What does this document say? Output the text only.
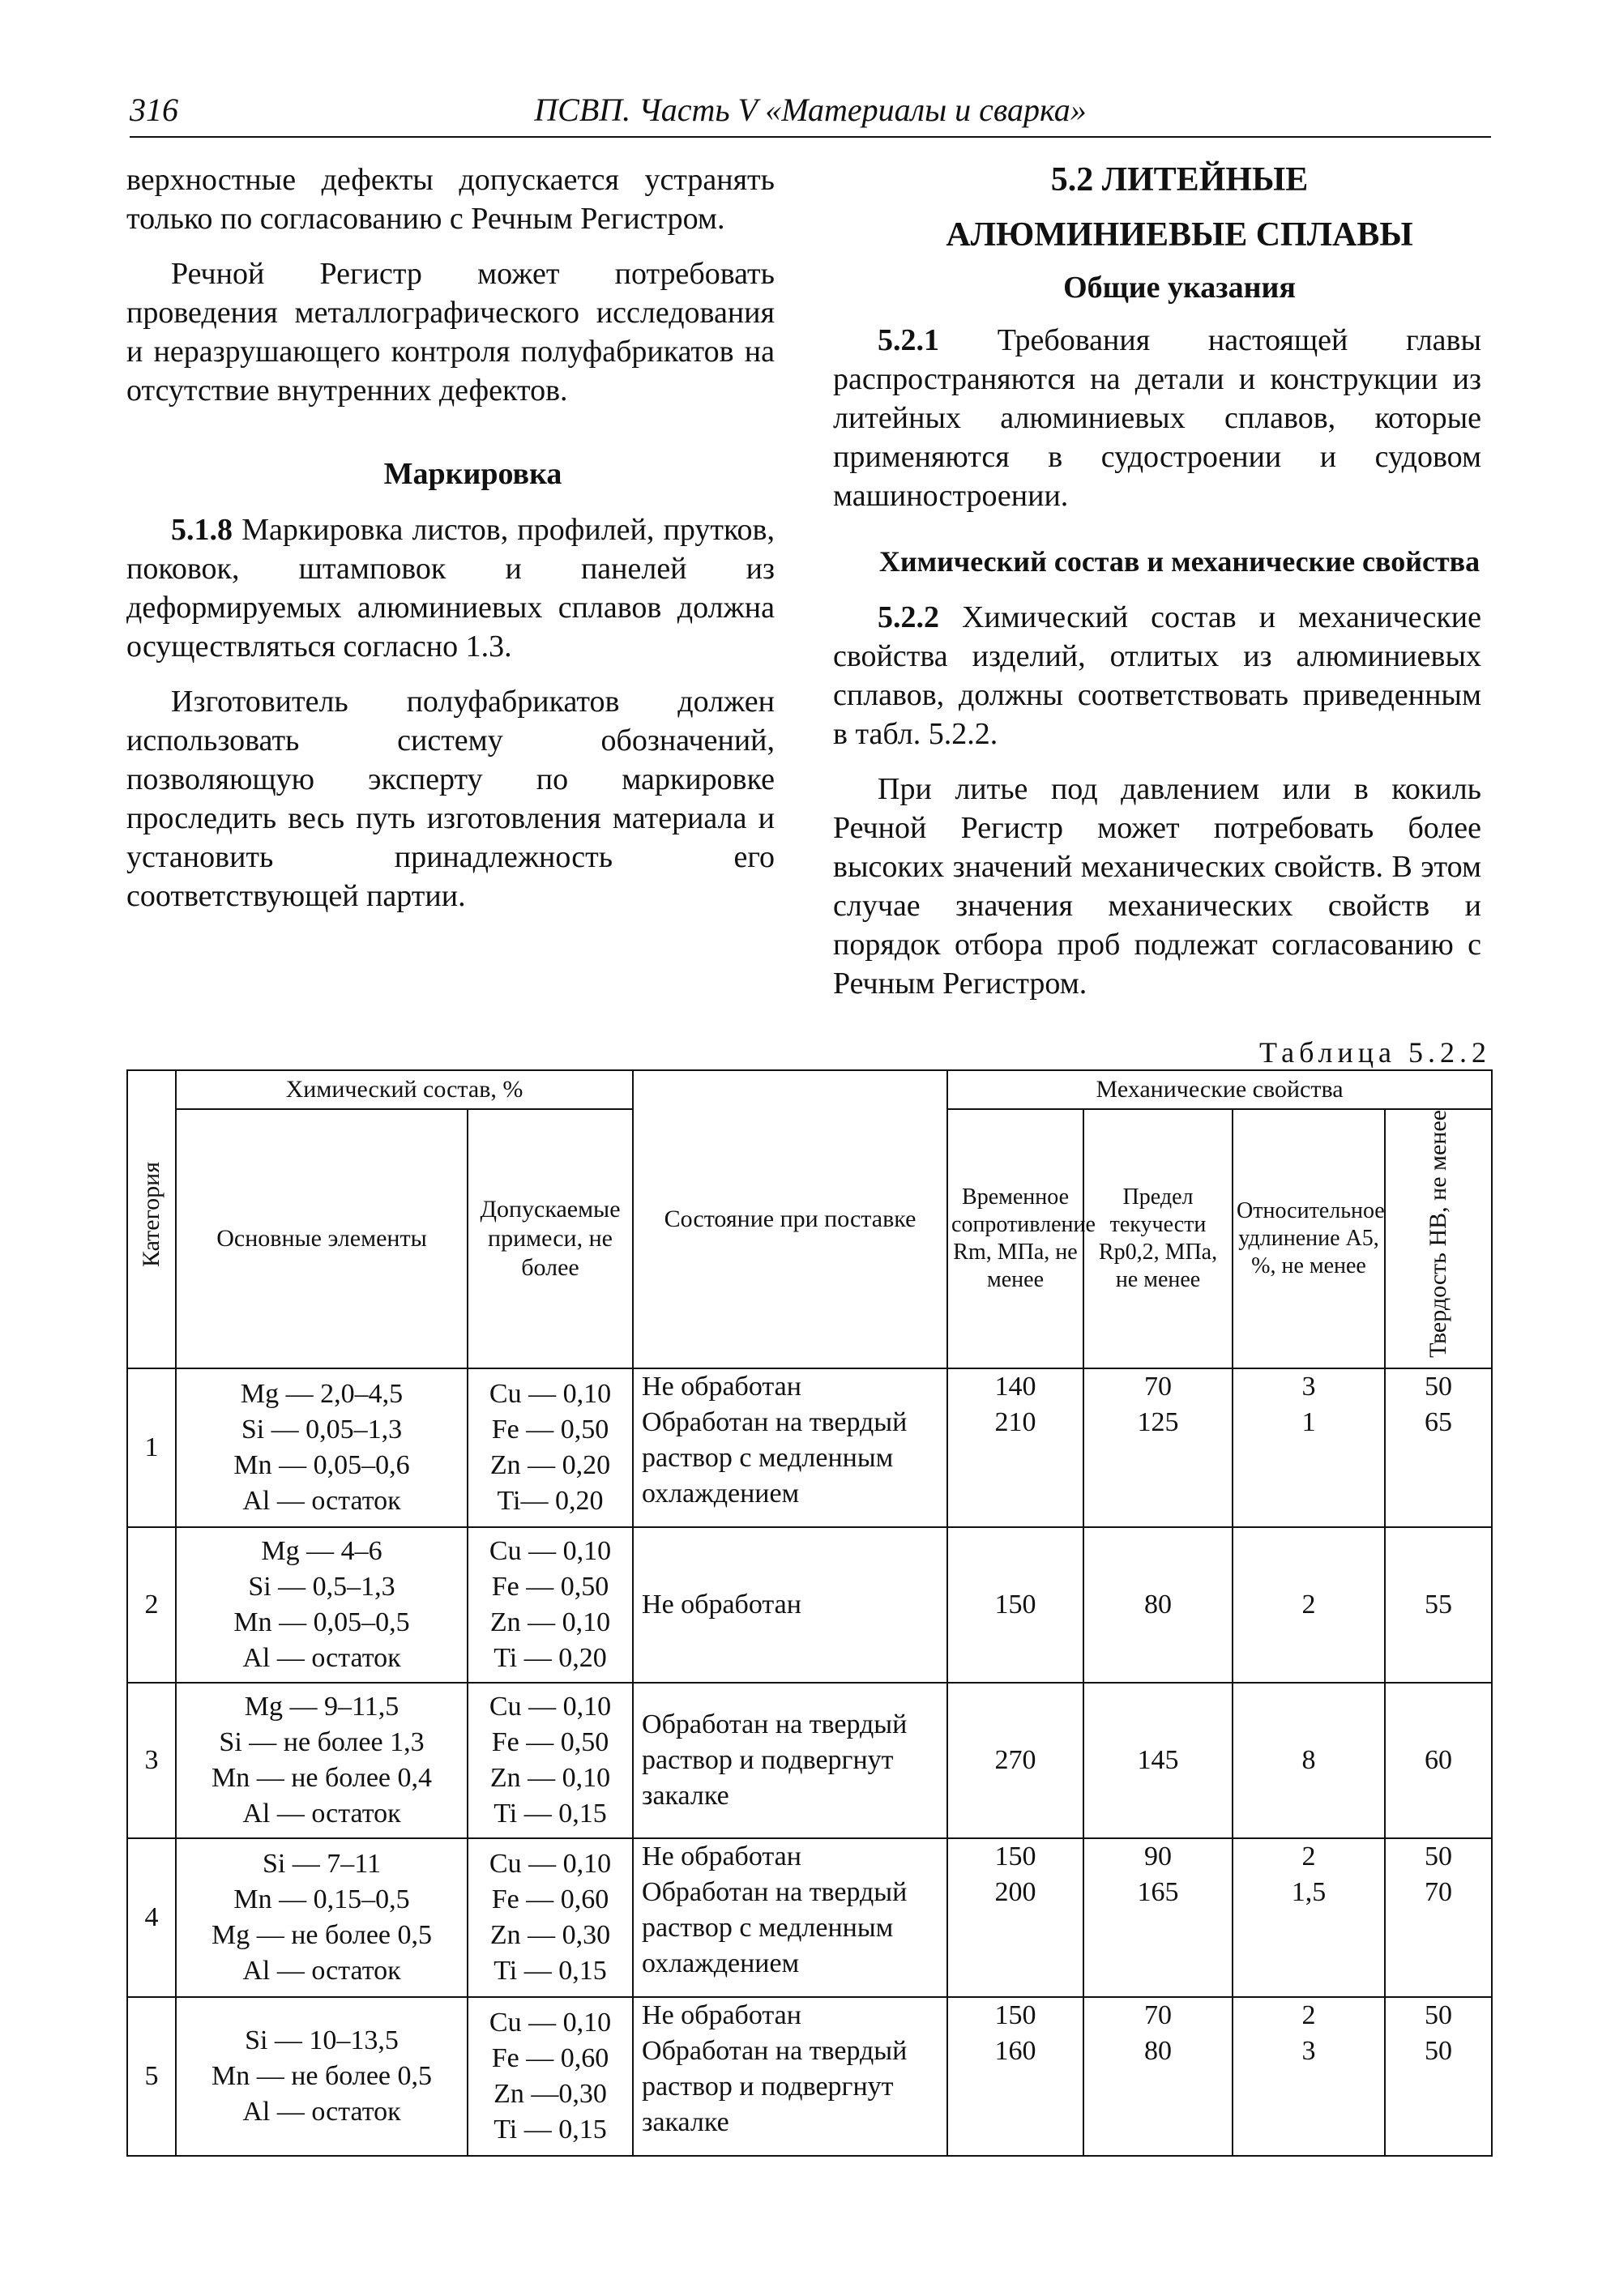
316	ПСВП. Часть V «Материалы и сварка»

верхностные дефекты допускается устранять только по согласованию с Речным Регистром.

Речной Регистр может потребовать проведения металлографического исследования и неразрушающего контроля полуфабрикатов на отсутствие внутренних дефектов.

Маркировка

5.1.8 Маркировка листов, профилей, прутков, поковок, штамповок и панелей из деформируемых алюминиевых сплавов должна осуществляться согласно 1.3.

Изготовитель полуфабрикатов должен использовать систему обозначений, позволяющую эксперту по маркировке проследить весь путь изготовления материала и установить принадлежность его соответствующей партии.

5.2 ЛИТЕЙНЫЕ

АЛЮМИНИЕВЫЕ СПЛАВЫ

Общие указания

5.2.1 Требования настоящей главы распространяются на детали и конструкции из литейных алюминиевых сплавов, которые применяются в судостроении и судовом машиностроении.

Химический состав и механические свойства

5.2.2 Химический состав и механические свойства изделий, отлитых из алюминиевых сплавов, должны соответствовать приведенным в табл. 5.2.2.

При литье под давлением или в кокиль Речной Регистр может потребовать более высоких значений механических свойств. В этом случае значения механических свойств и порядок отбора проб подлежат согласованию с Речным Регистром.

Таблица 5.2.2
Категория	Химический состав, %		Состояние при поставке	Механические свойства			
	Основные элементы	Допускаемые примеси, не более		Временное сопротивление Rm, МПа, не менее	Предел текучести Rp0,2, МПа, не менее	Относительное удлинение A5, %, не менее	Твердость НВ, не менее
1	Mg — 2,0–4,5
Si — 0,05–1,3
Mn — 0,05–0,6
Al — остаток	Cu — 0,10
Fe — 0,50
Zn — 0,20
Ti— 0,20	Не обработан
Обработан на твердый раствор с медленным охлаждением	140
210	70
125	3
1	50
65

2	Mg — 4–6
Si — 0,5–1,3
Mn — 0,05–0,5
Al — остаток	Cu — 0,10
Fe — 0,50
Zn — 0,10
Ti — 0,20	Не обработан	150	80	2	55

3	Mg — 9–11,5
Si — не более 1,3
Mn — не более 0,4
Al — остаток	Cu — 0,10
Fe — 0,50
Zn — 0,10
Ti — 0,15	Обработан на твердый раствор и подвергнут закалке	270	145	8	60

4	Si — 7–11
Mn — 0,15–0,5
Mg — не более 0,5
Al — остаток	Cu — 0,10
Fe — 0,60
Zn — 0,30
Ti — 0,15	Не обработан
Обработан на твердый раствор с медленным охлаждением	150
200	90
165	2
1,5	50
70

5	Si — 10–13,5
Mn — не более 0,5
Al — остаток	Cu — 0,10
Fe — 0,60
Zn —0,30
Ti — 0,15	Не обработан
Обработан на твердый раствор и подвергнут закалке	150
160	70
80	2
3	50
50
